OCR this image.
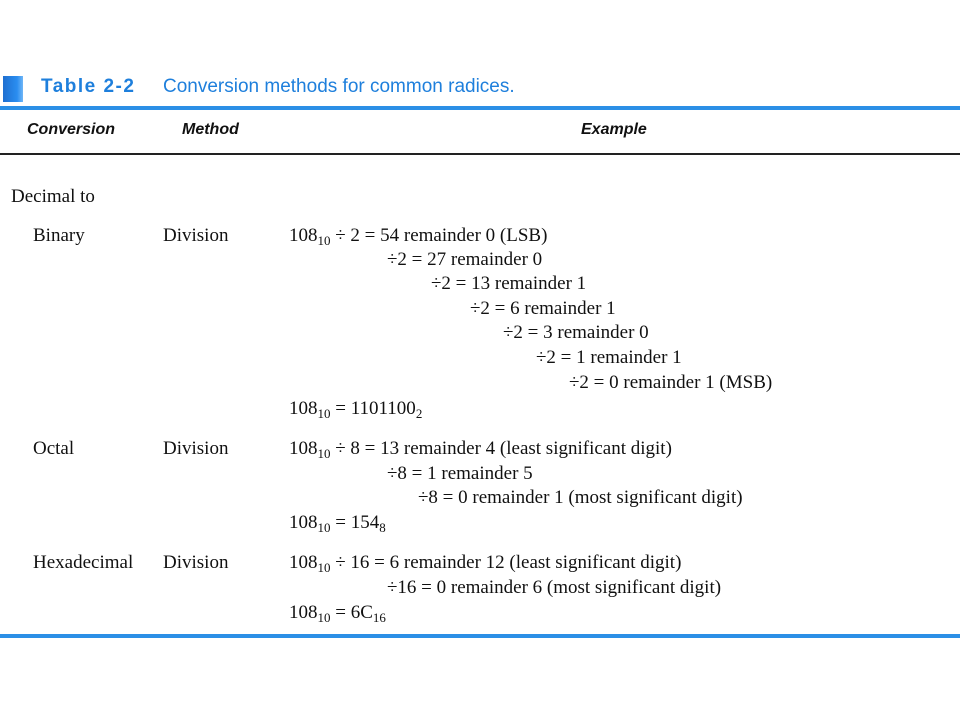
Table 2-2 Conversion methods for common radices.
Conversion	Method	Example
Decimal to
Binary	Division	$108_{10} \div 2 = 54$ remainder 0 (LSB)
÷2 = 27 remainder 0
÷2 = 13 remainder 1
÷2 = 6 remainder 1
÷2 = 3 remainder 0
÷2 = 1 remainder 1
÷2 = 0 remainder 1 (MSB)
$108_{10} = 1101100_2$
Octal	Division	$108_{10} \div 8 = 13$ remainder 4 (least significant digit)
÷8 = 1 remainder 5
÷8 = 0 remainder 1 (most significant digit)
$108_{10} = 154_8$
Hexadecimal Division	$108_{10} \div 16 = 6$ remainder 12 (least significant digit)
÷16 = 0 remainder 6 (most significant digit)
$108_{10} = 6C_{16}$
